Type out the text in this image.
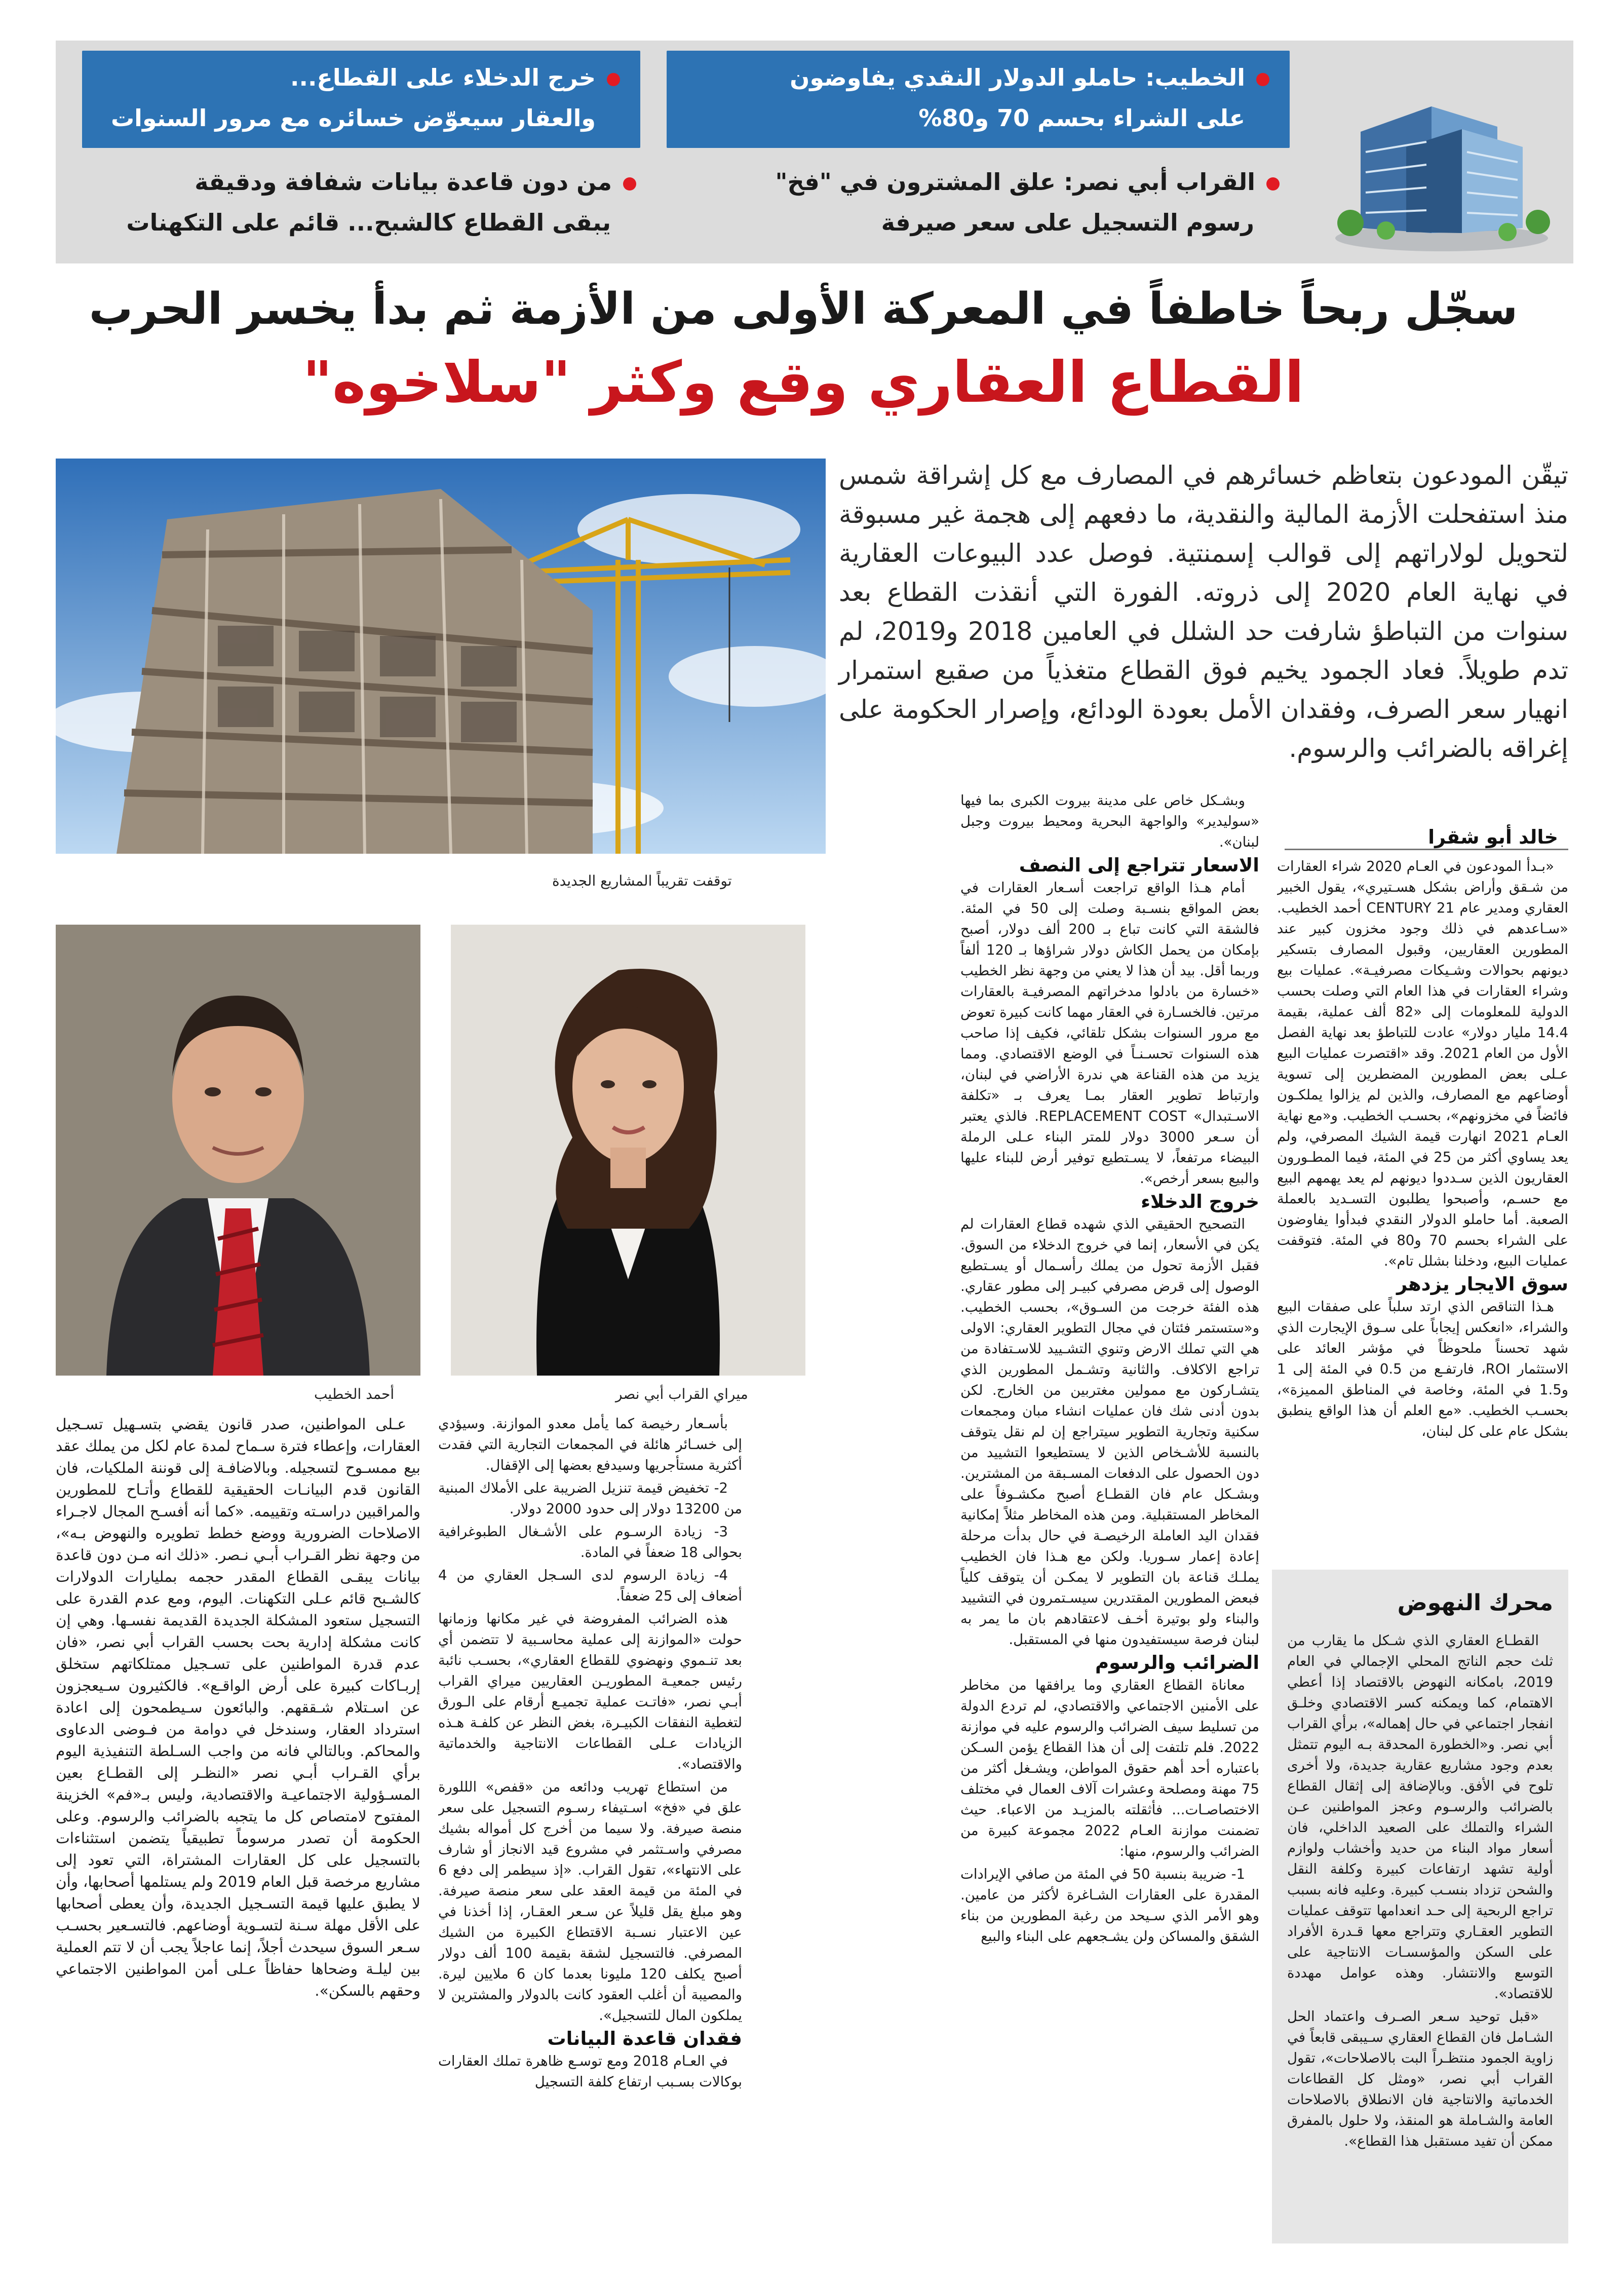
الخطيب: حاملو الدولار النقدي يفاوضون
على الشراء بحسم 70 و80%
خرج الدخلاء على القطاع...
والعقار سيعوّض خسائره مع مرور السنوات
القراب أبي نصر: علق المشترون في "فخ"
رسوم التسجيل على سعر صيرفة
من دون قاعدة بيانات شفافة ودقيقة
يبقى القطاع كالشبح... قائم على التكهنات
سجّل ربحاً خاطفاً في المعركة الأولى من الأزمة ثم بدأ يخسر الحرب
القطاع العقاري وقع وكثر "سلاخوه"
تيقّن المودعون بتعاظم خسائرهم في المصارف مع كل إشراقة شمس منذ استفحلت الأزمة المالية والنقدية، ما دفعهم إلى هجمة غير مسبوقة لتحويل لولاراتهم إلى قوالب إسمنتية. فوصل عدد البيوعات العقارية في نهاية العام 2020 إلى ذروته. الفورة التي أنقذت القطاع بعد سنوات من التباطؤ شارفت حد الشلل في العامين 2018 و2019، لم تدم طويلاً. فعاد الجمود يخيم فوق القطاع متغذياً من صقيع استمرار انهيار سعر الصرف، وفقدان الأمل بعودة الودائع، وإصرار الحكومة على إغراقه بالضرائب والرسوم.
توقفت تقريباً المشاريع الجديدة
خالد أبو شقرا

«بـدأ المودعون في العـام 2020 شراء العقارات من شـقق وأراض بشكل هسـتيري»، يقول الخبير العقاري ومدير عام CENTURY 21 أحمد الخطيب. «سـاعدهم في ذلك وجود مخزون كبير عند المطورين العقاريين، وقبول المصارف بتسكير ديونهم بحوالات وشـيكات مصرفيـة». عمليات بيع وشراء العقارات في هذا العام التي وصلت بحسب الدولية للمعلومات إلى «82 ألف عملية، بقيمة 14.4 مليار دولار» عادت للتباطؤ بعد نهاية الفصل الأول من العام 2021. وقد «اقتصرت عمليات البيع عـلى بعض المطورين المضطرين إلى تسوية أوضاعهم مع المصارف، والذين لم يزالوا يملكـون فائضاً في مخزونهم»، بحسـب الخطيب. و«مع نهاية العـام 2021 انهارت قيمة الشيك المصرفي، ولم يعد يساوي أكثر من 25 في المئة، فيما المطـورون العقاريون الذين سـددوا ديونهم لم يعد يهمهم البيع مع حسـم، وأصبحوا يطلبون التسـديد بالعملة الصعبة. أما حاملو الدولار النقدي فبدأوا يفاوضون على الشراء بحسم 70 و80 في المئة. فتوقفت عمليات البيع، ودخلنا بشلل تام».

سوق الايجار يزدهر

هـذا التناقص الذي ارتد سلباً على صفقات البيع والشراء، «انعكس إيجاباً على سـوق الإيجارت الذي شهد تحسناً ملحوظاً في مؤشر العائد على الاستثمار ROI، فارتفـع من 0.5 في المئة إلى 1 و1.5 في المئة، وخاصة في المناطق المميزة»، بحسـب الخطيب. «مع العلم أن هذا الواقع ينطبق بشكل عام على كل لبنان،

محرك النهوض

القطـاع العقاري الذي شـكل ما يقارب من ثلث حجم الناتج المحلي الإجمالي في العام 2019، بامكانه النهوض بالاقتصاد إذا أعطي الاهتمام، كما ويمكنه كسر الاقتصادي وخلـق انفجار اجتماعي في حال إهماله»، برأي القراب أبي نصر. و«الخطورة المحدقة بـه اليوم تتمثل بعدم وجود مشاريع عقارية جديدة، ولا أخرى تلوح في الأفق. وبالإضافة إلى إثقال القطاع بالضرائب والرسـوم وعجز المواطنين عـن الشراء والتملك على الصعيد الداخلي، فان أسعار مواد البناء من حديد وأخشاب ولوازم أولية تشهد ارتفاعات كبيرة وكلفة النقل والشحن تزداد بنسـب كبيرة. وعليه فانه بسبب تراجع الربحية إلى حـد انعدامها تتوقف عمليات التطوير العقـاري وتتراجع معها قـدرة الأفراد على السكن والمؤسسـات الانتاجية على التوسع والانتشار. وهذه عوامل مهددة للاقتصاد».

«قبل توحيد سـعر الصـرف واعتماد الحل الشـامل فان القطاع العقاري سـيبقى قابعاً في زاوية الجمود منتظـراً البت بالاصلاحات»، تقول القراب أبي نصر، «ومثل كل القطاعات الخدماتية والانتاجية فان الانطلاق بالاصلاحات العامة والشـاملة هو المنقذ، ولا حلول بالمفرق ممكن أن تفيد مستقبل هذا القطاع».

وبشـكل خاص على مدينة بيروت الكبرى بما فيها «سوليدير» والواجهة البحرية ومحيط بيروت وجبل لبنان».

الاسعار تتراجع إلى النصف

أمام هـذا الواقع تراجعت أسـعار العقارات في بعض المواقع بنسـبة وصلت إلى 50 في المئة. فالشقة التي كانت تباع بـ 200 ألف دولار، أصبح بإمكان من يحمل الكاش دولار شراؤها بـ 120 ألفاً وربما أقل. بيد أن هذا لا يعني من وجهة نظر الخطيب «خسارة من بادلوا مدخراتهم المصرفيـة بالعقارات مرتين. فالخسـارة في العقار مهما كانت كبيرة تعوض مع مرور السنوات بشكل تلقائي، فكيف إذا صاحب هذه السنوات تحسـنـاً في الوضع الاقتصادي. ومما يزيد من هذه القناعة هي ندرة الأراضي في لبنان، وارتباط تطوير العقار بمـا يعرف بـ «تكلفة الاسـتبدال» REPLACEMENT COST. فالذي يعتبر أن سـعر 3000 دولار للمتر البناء عـلى الرملة البيضاء مرتفعاً، لا يسـتطيع توفير أرض للبناء عليها والبيع بسعر أرخص».

خروج الدخلاء

التصحيح الحقيقي الذي شهده قطاع العقارات لم يكن في الأسعار، إنما في خروج الدخلاء من السوق. فقبل الأزمة تحول من يملك رأسـمال أو يسـتطيع الوصول إلى قرض مصرفي كبيـر إلى مطور عقاري. هذه الفئة خرجت من السـوق»، بحسب الخطيب. و«ستستمر فئتان في مجال التطوير العقاري: الاولى هي التي تملك الارض وتنوي التشـييد للاسـتفادة من تراجع الاكلاف. والثانية وتشـمل المطورين الذي يتشـاركون مع ممولين مغتربين من الخارج. لكن بدون أدنى شك فان عمليات انشاء مبان ومجمعات سكنية وتجارية التطوير سيتراجع إن لم نقل يتوقف بالنسبة للأشـخاص الذين لا يستطيعوا التشييد من دون الحصول على الدفعات المسـبقة من المشترين. وبشـكل عام فان القطـاع أصبح مكشـوفاً على المخاطر المستقبلية. ومن هذه المخاطر مثلاً إمكانية فقدان اليد العاملة الرخيصـة في حال بدأت مرحلة إعادة إعمار سـوريا. ولكن مع هـذا فان الخطيب يملـك قناعة بان التطوير لا يمكـن أن يتوقف كلياً فبعض المطورين المقتدرين سيسـتمرون في التشييد والبناء ولو بوتيرة أخـف لاعتقادهم بان ما يمر به لبنان فرصة سيستفيدون منها في المستقبل.

الضرائب والرسوم

معاناة القطاع العقاري وما يرافقها من مخاطر على الأمنين الاجتماعي والاقتصادي، لم تردع الدولة من تسليط سيف الضرائب والرسوم عليه في موازنة 2022. فلم تلتفت إلى أن هذا القطاع يؤمن السـكن باعتباره أحد أهم حقوق المواطن، ويشـغل أكثر من 75 مهنة ومصلحة وعشرات آلاف العمال في مختلف الاختصاصـات... فأثقلته بالمزيـد من الاعباء. حيث تضمنت موازنة العـام 2022 مجموعة كبيرة من الضرائب والرسوم، منها:

1- ضريبة بنسبة 50 في المئة من صافي الإيرادات المقدرة على العقارات الشـاغرة لأكثر من عامين. وهو الأمر الذي سـيحد من رغبة المطورين من بناء الشقق والمساكن ولن يشـجعهم على البناء والبيع

ميراي القراب أبي نصر
أحمد الخطيب

بأسـعار رخيصة كما يأمل معدو الموازنة. وسيؤدي إلى خسـائر هائلة في المجمعات التجارية التي فقدت أكثرية مستأجريها وسيدفع بعضها إلى الإقفال.

2- تخفيض قيمة تنزيل الضريبة على الأملاك المبنية من 13200 دولار إلى حدود 2000 دولار.

3- زيادة الرسـوم على الأشـغال الطبوغرافية بحوالى 18 ضعفاً في المادة.

4- زيادة الرسوم لدى السـجل العقاري من 4 أضعاف إلى 25 ضعفاً.

هذه الضرائب المفروضة في غير مكانها وزمانها حولت «الموازنة إلى عملية محاسـبية لا تتضمن أي بعد تنـموي ونهضوي للقطاع العقاري»، بحسـب نائبة رئيس جمعيـة المطوريـن العقاريين ميراي القراب أبـي نصر، «فاتـت عملية تجميـع أرقام على الـورق لتغطية النفقات الكبيـرة، بغض النظر عن كلفـة هـذه الزيادات عـلى القطاعات الانتاجية والخدماتية والاقتصاد».

من استطاع تهريب ودائعه من «قفص» الللورة علق في «فخ» اسـتيفاء رسـوم التسجيل على سعر منصة صيرفة. ولا سيما من أخرج كل أمواله بشيك مصرفي واسـتثمر في مشروع قيد الانجاز أو شارف على الانتهاء»، تقول القراب. «إذ سيطمر إلى دفع 6 في المئة من قيمة العقد على سعر منصة صيرفة. وهو مبلغ يقل قليلاً عن سـعر العقـار، إذا أخذنا في عين الاعتبار نسـبة الاقتطاع الكبيرة من الشيك المصرفي. فالتسجيل لشقة بقيمة 100 ألف دولار أصبح يكلف 120 مليونا بعدما كان 6 ملايين ليرة. والمصيبة أن أغلب العقود كانت بالدولار والمشترين لا يملكون المال للتسجيل».

فقدان قاعدة البيانات

في العـام 2018 ومع توسـع ظاهرة تملك العقارات بوكالات بسـبب ارتفاع كلفة التسجيل

عـلى المواطنين، صدر قانون يقضي بتسـهيل تسـجيل العقارات، وإعطاء فترة سـماح لمدة عام لكل من يملك عقد بيع ممسـوح لتسجيله. وبالاضافـة إلى قوننة الملكيات، فان القانون قدم البيانـات الحقيقية للقطاع وأتـاح للمطورين والمراقبين دراسـته وتقييمه. «كما أنه أفسـح المجال لاجـراء الاصلاحات الضرورية ووضع خطط تطويره والنهوض بـه»، من وجهة نظر القـراب أبـي نـصر. «ذلك انه مـن دون قاعدة بيانات يبقـى القطاع المقدر حجمه بمليارات الدولارات كالشـبح قائم عـلى التكهنات. اليوم، ومع عدم القدرة على التسجيل ستعود المشكلة الجديدة القديمة نفسـها. وهي إن كانت مشكلة إدارية بحت بحسب القراب أبي نصر، «فان عدم قدرة المواطنين على تسـجيل ممتلكاتهم ستخلق إربـاكات كبيرة على أرض الواقـع». فالكثيرون سـيعجزون عن اسـتلام شـققهم. والبائعون سـيطمحون إلى اعادة استرداد العقار، وسندخل في دوامة من فـوضى الدعاوى والمحاكم. وبالتالي فانه من واجب السـلطة التنفيذية اليوم برأي القـراب أبـي نصر «النظـر إلى القطـاع بعين المسـؤولية الاجتماعيـة والاقتصادية، وليس بـ«فم» الخزينة المفتوح لامتصاص كل ما يتجبه بالضرائب والرسوم. وعلى الحكومة أن تصدر مرسوماً تطبيقياً يتضمن استثناءات بالتسجيل على كل العقارات المشتراة، التي تعود إلى مشاريع مرخصة قبل العام 2019 ولم يستلمها أصحابها، وأن لا يطبق عليها قيمة التسـجيل الجديدة، وأن يعطى أصحابها على الأقل مهلة سـنة لتسـوية أوضاعهم. فالتسـعير بحسـب سـعر السوق سيحدث أجلاً، إنما عاجلاً يجب أن لا تتم العملية بين ليلـة وضحاها حفاظاً عـلى أمن المواطنين الاجتماعي وحقهم بالسكن».
